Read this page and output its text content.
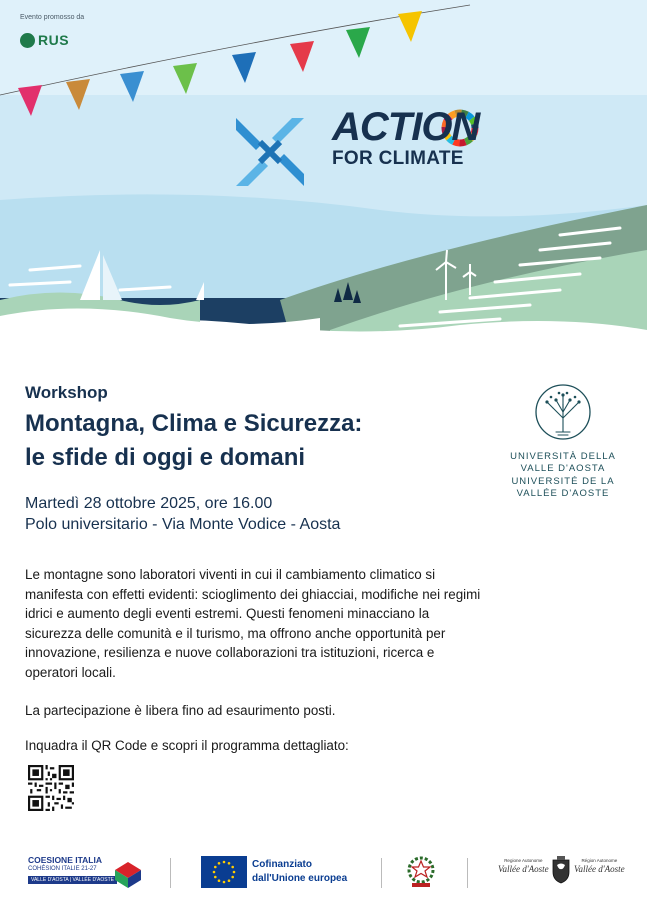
Evento promosso da
RUS
ACTION
FOR CLIMATE
Workshop
Montagna, Clima e Sicurezza:
le sfide di oggi e domani
Martedì 28 ottobre 2025, ore 16.00
Polo universitario - Via Monte Vodice - Aosta
Le montagne sono laboratori viventi in cui il cambiamento climatico si manifesta con effetti evidenti: scioglimento dei ghiacciai, modifiche nei regimi idrici e aumento degli eventi estremi. Questi fenomeni minacciano la sicurezza delle comunità e il turismo, ma offrono anche opportunità per innovazione, resilienza e nuove collaborazioni tra istituzioni, ricerca e operatori locali.
La partecipazione è libera fino ad esaurimento posti.
Inquadra il QR Code e scopri il programma dettagliato:
UNIVERSITÀ DELLA
VALLE D'AOSTA
UNIVERSITÉ DE LA
VALLÉE D'AOSTE
COESIONE ITALIA
COHÉSION ITALIE 21-27
VALLE D'AOSTA | VALLÉE D'AOSTE
Cofinanziato
dall'Unione europea
Regione Autonome
Vallée d'Aoste
Région Autonome
Vallée d'Aoste
